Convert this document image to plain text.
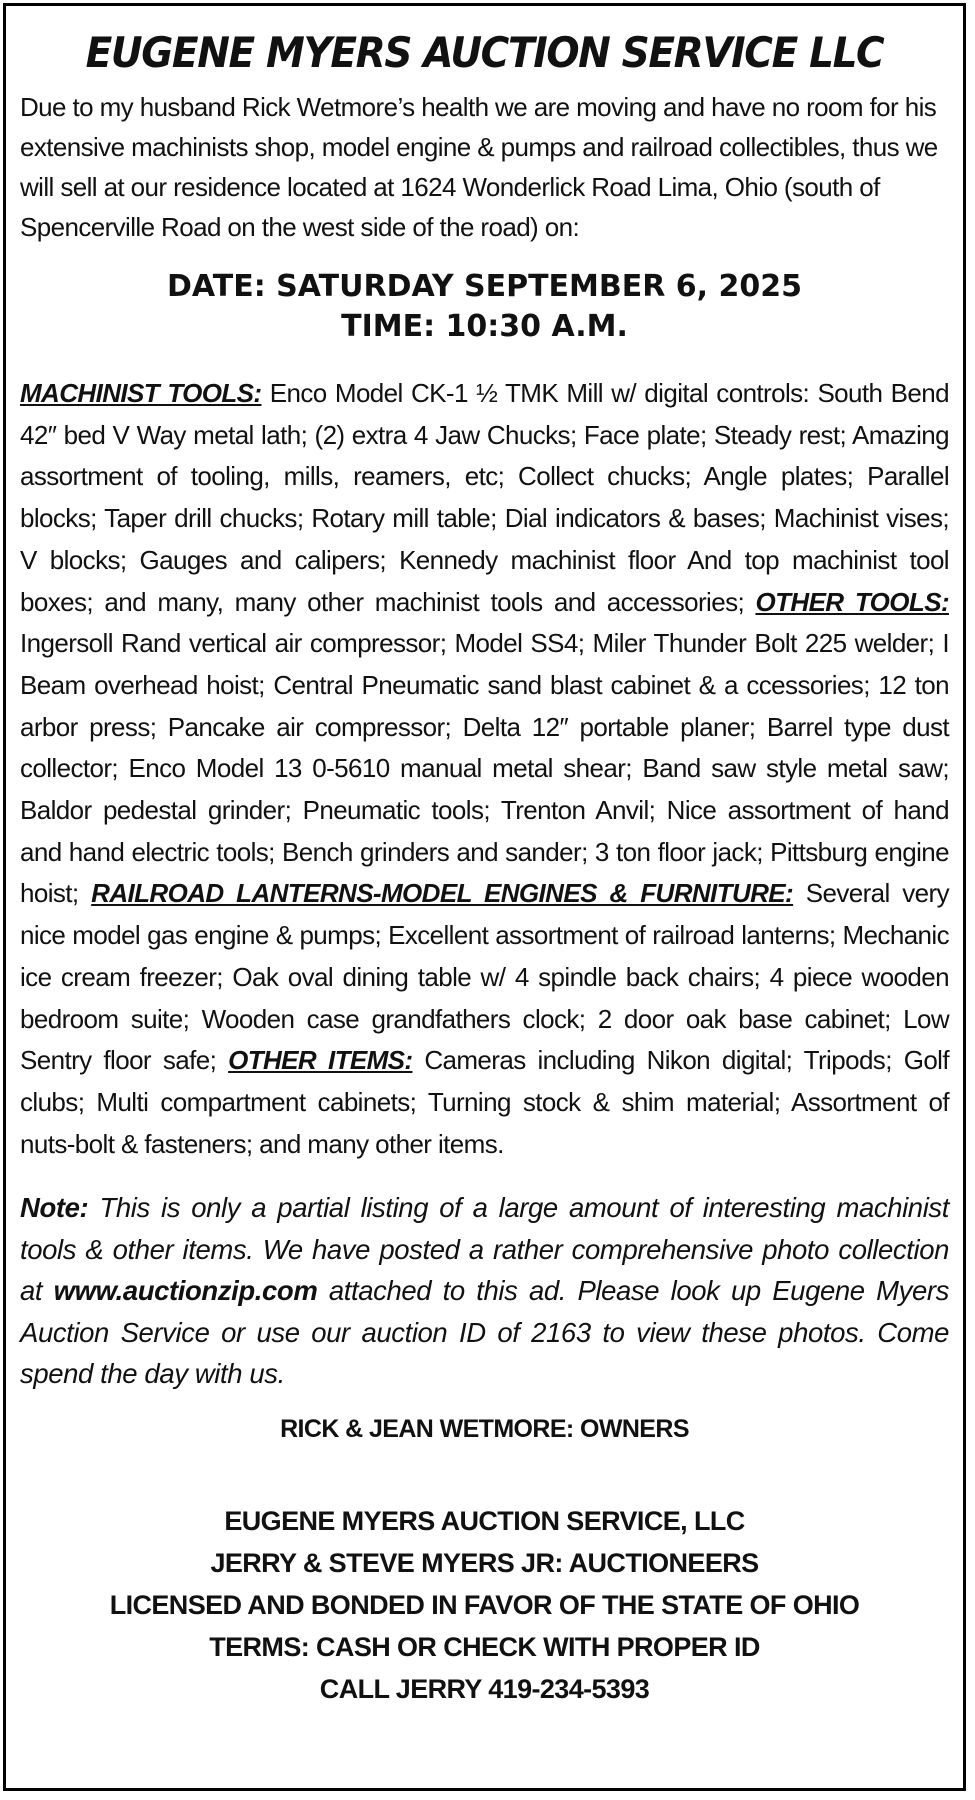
EUGENE MYERS AUCTION SERVICE LLC
Due to my husband Rick Wetmore’s health we are moving and have no room for his extensive machinists shop, model engine & pumps and railroad collectibles, thus we will sell at our residence located at 1624 Wonderlick Road Lima, Ohio (south of Spencerville Road on the west side of the road) on:
DATE: SATURDAY SEPTEMBER 6, 2025
TIME: 10:30 A.M.
MACHINIST TOOLS: Enco Model CK-1 ½ TMK Mill w/ digital controls: South Bend 42″ bed V Way metal lath; (2) extra 4 Jaw Chucks; Face plate; Steady rest; Amazing assortment of tooling, mills, reamers, etc; Collect chucks; Angle plates; Parallel blocks; Taper drill chucks; Rotary mill table; Dial indicators & bases; Machinist vises; V blocks; Gauges and calipers; Kennedy machinist floor And top machinist tool boxes; and many, many other machinist tools and accessories; OTHER TOOLS: Ingersoll Rand vertical air compressor; Model SS4; Miler Thunder Bolt 225 welder; I Beam overhead hoist; Central Pneumatic sand blast cabinet & a ccessories; 12 ton arbor press; Pancake air compressor; Delta 12″ portable planer; Barrel type dust collector; Enco Model 13 0-5610 manual metal shear; Band saw style metal saw; Baldor pedestal grinder; Pneumatic tools; Trenton Anvil; Nice assortment of hand and hand electric tools; Bench grinders and sander; 3 ton floor jack; Pittsburg engine hoist; RAILROAD LANTERNS-MODEL ENGINES & FURNITURE: Several very nice model gas engine & pumps; Excellent assortment of railroad lanterns; Mechanic ice cream freezer; Oak oval dining table w/ 4 spindle back chairs; 4 piece wooden bedroom suite; Wooden case grandfathers clock; 2 door oak base cabinet; Low Sentry floor safe; OTHER ITEMS: Cameras including Nikon digital; Tripods; Golf clubs; Multi compartment cabinets; Turning stock & shim material; Assortment of nuts-bolt & fasteners; and many other items.
Note: This is only a partial listing of a large amount of interesting machinist tools & other items. We have posted a rather comprehensive photo collection at www.auctionzip.com attached to this ad. Please look up Eugene Myers Auction Service or use our auction ID of 2163 to view these photos. Come spend the day with us.
RICK & JEAN WETMORE: OWNERS
EUGENE MYERS AUCTION SERVICE, LLC
JERRY & STEVE MYERS JR: AUCTIONEERS
LICENSED AND BONDED IN FAVOR OF THE STATE OF OHIO
TERMS: CASH OR CHECK WITH PROPER ID
CALL JERRY 419-234-5393
